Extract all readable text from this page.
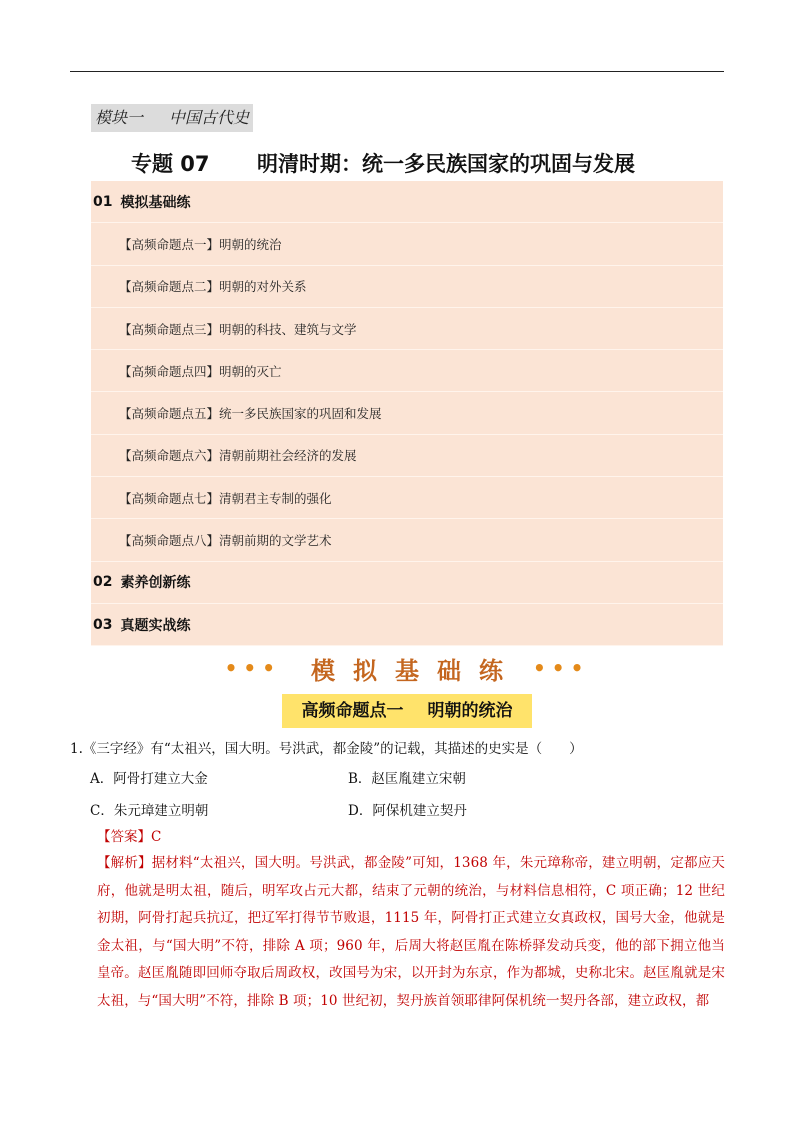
模块一 中国古代史
专题 07 明清时期：统一多民族国家的巩固与发展
01 模拟基础练
【高频命题点一】明朝的统治
【高频命题点二】明朝的对外关系
【高频命题点三】明朝的科技、建筑与文学
【高频命题点四】明朝的灭亡
【高频命题点五】统一多民族国家的巩固和发展
【高频命题点六】清朝前期社会经济的发展
【高频命题点七】清朝君主专制的强化
【高频命题点八】清朝前期的文学艺术
02 素养创新练
03 真题实战练
••• 模拟基础练 •••
高频命题点一 明朝的统治
1.《三字经》有“太祖兴，国大明。号洪武，都金陵”的记载，其描述的史实是（　　）
A．阿骨打建立大金	B．赵匡胤建立宋朝
C．朱元璋建立明朝	D．阿保机建立契丹
【答案】C
【解析】据材料“太祖兴，国大明。号洪武，都金陵”可知，1368 年，朱元璋称帝，建立明朝，定都应天府，他就是明太祖，随后，明军攻占元大都，结束了元朝的统治，与材料信息相符，C 项正确；12 世纪初期，阿骨打起兵抗辽，把辽军打得节节败退，1115 年，阿骨打正式建立女真政权，国号大金，他就是金太祖，与“国大明”不符，排除 A 项；960 年，后周大将赵匡胤在陈桥驿发动兵变，他的部下拥立他当皇帝。赵匡胤随即回师夺取后周政权，改国号为宋，以开封为东京，作为都城，史称北宋。赵匡胤就是宋太祖，与“国大明”不符，排除 B 项；10 世纪初，契丹族首领耶律阿保机统一契丹各部，建立政权，都
